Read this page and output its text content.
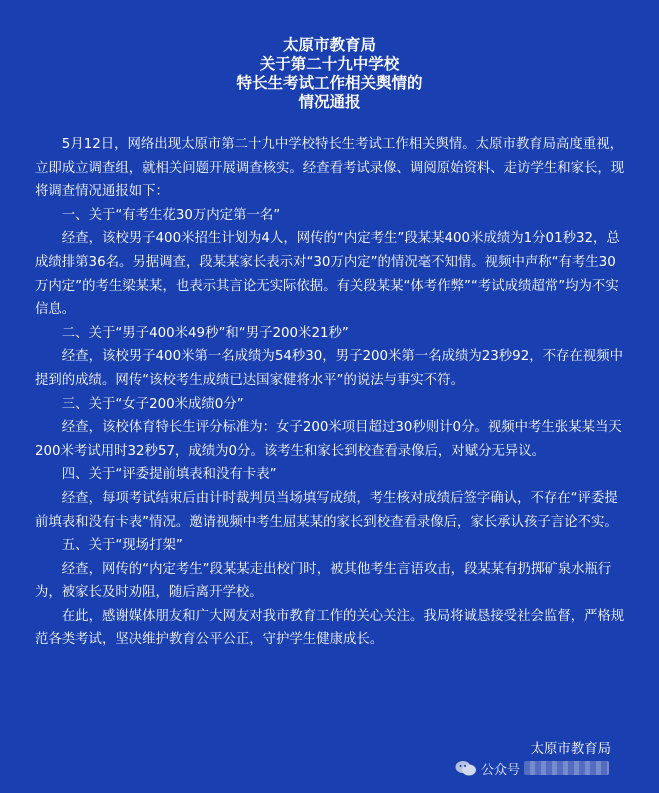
太原市教育局
关于第二十九中学校
特长生考试工作相关舆情的
情况通报

5月12日，网络出现太原市第二十九中学校特长生考试工作相关舆情。太原市教育局高度重视，立即成立调查组，就相关问题开展调查核实。经查看考试录像、调阅原始资料、走访学生和家长，现将调查情况通报如下：

一、关于“有考生花30万内定第一名”

经查，该校男子400米招生计划为4人，网传的“内定考生”段某某400米成绩为1分01秒32，总成绩排第36名。另据调查，段某某家长表示对“30万内定”的情况毫不知情。视频中声称“有考生30万内定”的考生梁某某，也表示其言论无实际依据。有关段某某“体考作弊”“考试成绩超常”均为不实信息。

二、关于“男子400米49秒”和“男子200米21秒”

经查，该校男子400米第一名成绩为54秒30，男子200米第一名成绩为23秒92，不存在视频中提到的成绩。网传“该校考生成绩已达国家健将水平”的说法与事实不符。

三、关于“女子200米成绩0分”

经查，该校体育特长生评分标准为：女子200米项目超过30秒则计0分。视频中考生张某某当天200米考试用时32秒57，成绩为0分。该考生和家长到校查看录像后，对赋分无异议。

四、关于“评委提前填表和没有卡表”

经查，每项考试结束后由计时裁判员当场填写成绩，考生核对成绩后签字确认，不存在“评委提前填表和没有卡表”情况。邀请视频中考生屈某某的家长到校查看录像后，家长承认孩子言论不实。

五、关于“现场打架”

经查，网传的“内定考生”段某某走出校门时，被其他考生言语攻击，段某某有扔掷矿泉水瓶行为，被家长及时劝阻，随后离开学校。

在此，感谢媒体朋友和广大网友对我市教育工作的关心关注。我局将诚恳接受社会监督，严格规范各类考试，坚决维护教育公平公正，守护学生健康成长。

太原市教育局
公众号
